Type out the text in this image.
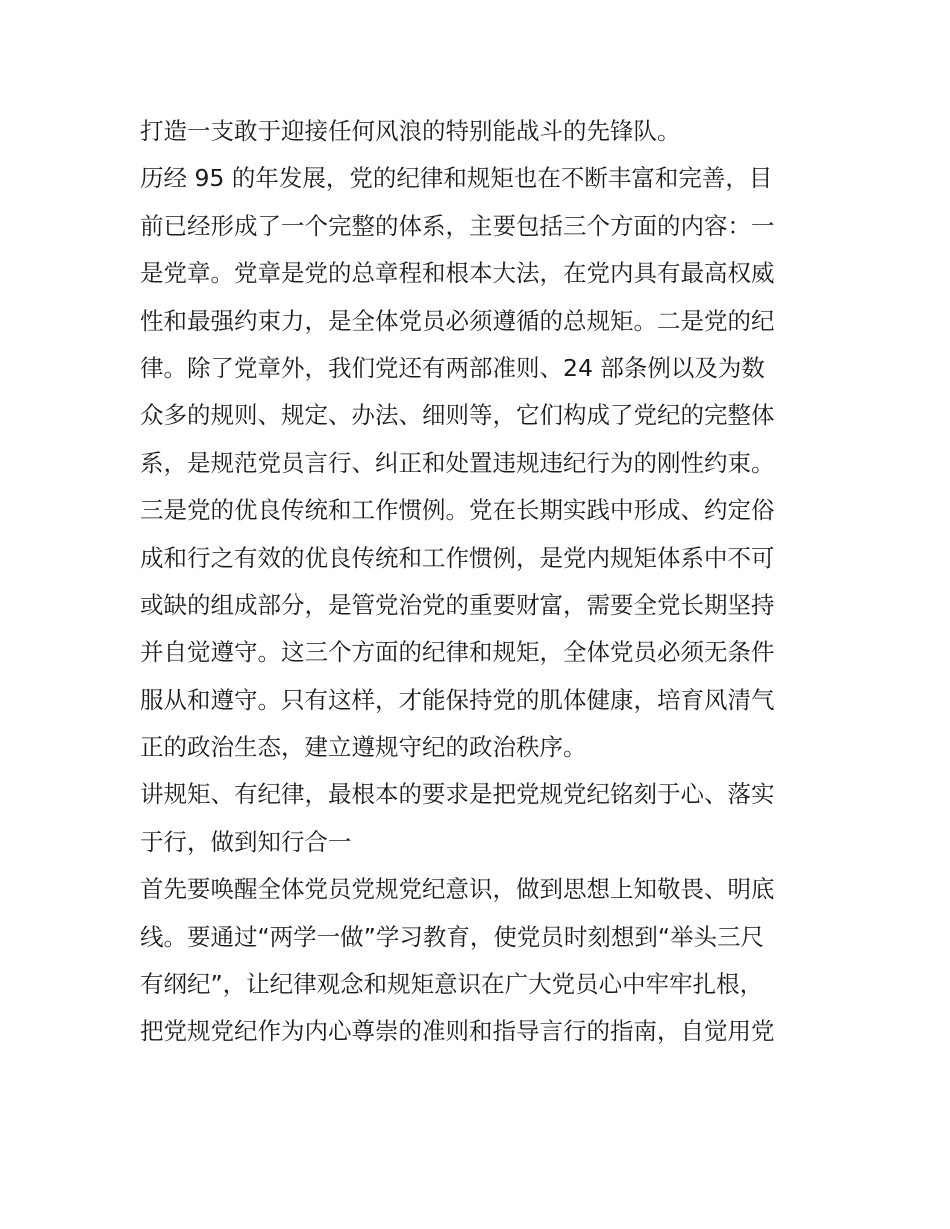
打造一支敢于迎接任何风浪的特别能战斗的先锋队。
历经 95 的年发展，党的纪律和规矩也在不断丰富和完善，目
前已经形成了一个完整的体系，主要包括三个方面的内容：一
是党章。党章是党的总章程和根本大法，在党内具有最高权威
性和最强约束力，是全体党员必须遵循的总规矩。二是党的纪
律。除了党章外，我们党还有两部准则、24 部条例以及为数
众多的规则、规定、办法、细则等，它们构成了党纪的完整体
系，是规范党员言行、纠正和处置违规违纪行为的刚性约束。
三是党的优良传统和工作惯例。党在长期实践中形成、约定俗
成和行之有效的优良传统和工作惯例，是党内规矩体系中不可
或缺的组成部分，是管党治党的重要财富，需要全党长期坚持
并自觉遵守。这三个方面的纪律和规矩，全体党员必须无条件
服从和遵守。只有这样，才能保持党的肌体健康，培育风清气
正的政治生态，建立遵规守纪的政治秩序。
讲规矩、有纪律，最根本的要求是把党规党纪铭刻于心、落实
于行，做到知行合一
首先要唤醒全体党员党规党纪意识，做到思想上知敬畏、明底
线。要通过“两学一做”学习教育，使党员时刻想到“举头三尺
有纲纪”，让纪律观念和规矩意识在广大党员心中牢牢扎根，
把党规党纪作为内心尊崇的准则和指导言行的指南，自觉用党
